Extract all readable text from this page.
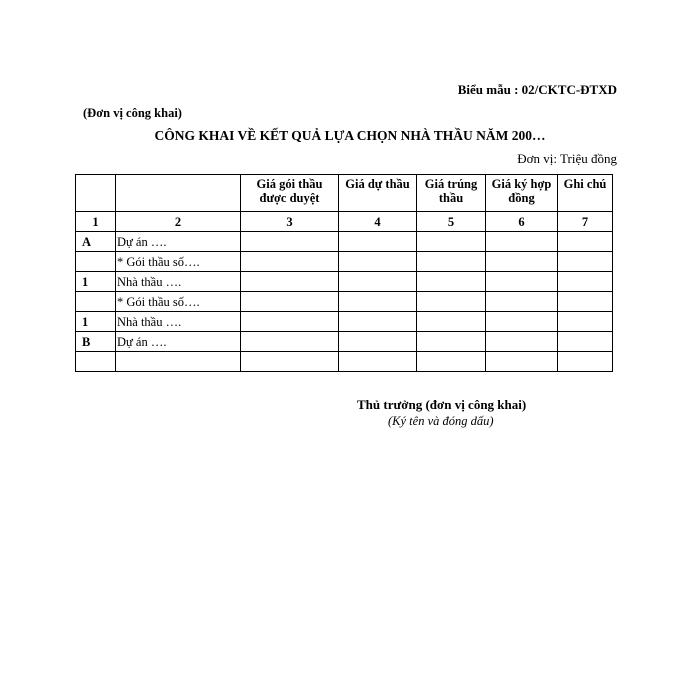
Biểu mẫu : 02/CKTC-ĐTXD
(Đơn vị công khai)
CÔNG KHAI VỀ KẾT QUẢ LỰA CHỌN NHÀ THẦU NĂM 200…
Đơn vị: Triệu đồng
		Giá gói thầu được duyệt	Giá dự thầu	Giá trúng thầu	Giá ký hợp đồng	Ghi chú
1	2	3	4	5	6	7
A	Dự án ….					
	* Gói thầu số….					
1	Nhà thầu ….					
	* Gói thầu số….					
1	Nhà thầu ….					
B	Dự án ….					

Thủ trưởng (đơn vị công khai)
(Ký tên và đóng dấu)
